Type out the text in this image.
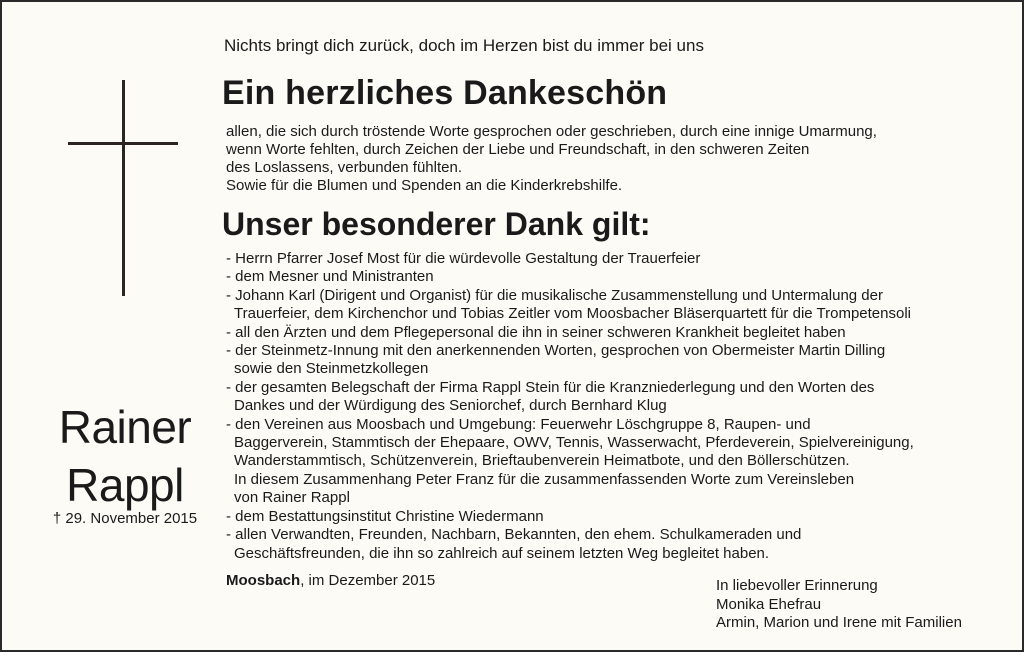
Rainer
Rappl
† 29. November 2015
Nichts bringt dich zurück, doch im Herzen bist du immer bei uns
Ein herzliches Dankeschön
allen, die sich durch tröstende Worte gesprochen oder geschrieben, durch eine innige Umarmung,
wenn Worte fehlten, durch Zeichen der Liebe und Freundschaft, in den schweren Zeiten
des Loslassens, verbunden fühlten.
Sowie für die Blumen und Spenden an die Kinderkrebshilfe.
Unser besonderer Dank gilt:
- Herrn Pfarrer Josef Most für die würdevolle Gestaltung der Trauerfeier
- dem Mesner und Ministranten
- Johann Karl (Dirigent und Organist) für die musikalische Zusammenstellung und Untermalung der
Trauerfeier, dem Kirchenchor und Tobias Zeitler vom Moosbacher Bläserquartett für die Trompetensoli
- all den Ärzten und dem Pflegepersonal die ihn in seiner schweren Krankheit begleitet haben
- der Steinmetz-Innung mit den anerkennenden Worten, gesprochen von Obermeister Martin Dilling
sowie den Steinmetzkollegen
- der gesamten Belegschaft der Firma Rappl Stein für die Kranzniederlegung und den Worten des
Dankes und der Würdigung des Seniorchef, durch Bernhard Klug
- den Vereinen aus Moosbach und Umgebung: Feuerwehr Löschgruppe 8, Raupen- und
Baggerverein, Stammtisch der Ehepaare, OWV, Tennis, Wasserwacht, Pferdeverein, Spielvereinigung,
Wanderstammtisch, Schützenverein, Brieftaubenverein Heimatbote, und den Böllerschützen.
In diesem Zusammenhang Peter Franz für die zusammenfassenden Worte zum Vereinsleben
von Rainer Rappl
- dem Bestattungsinstitut Christine Wiedermann
- allen Verwandten, Freunden, Nachbarn, Bekannten, den ehem. Schulkameraden und
Geschäftsfreunden, die ihn so zahlreich auf seinem letzten Weg begleitet haben.
Moosbach, im Dezember 2015	In liebevoller Erinnerung
Monika Ehefrau
Armin, Marion und Irene mit Familien
